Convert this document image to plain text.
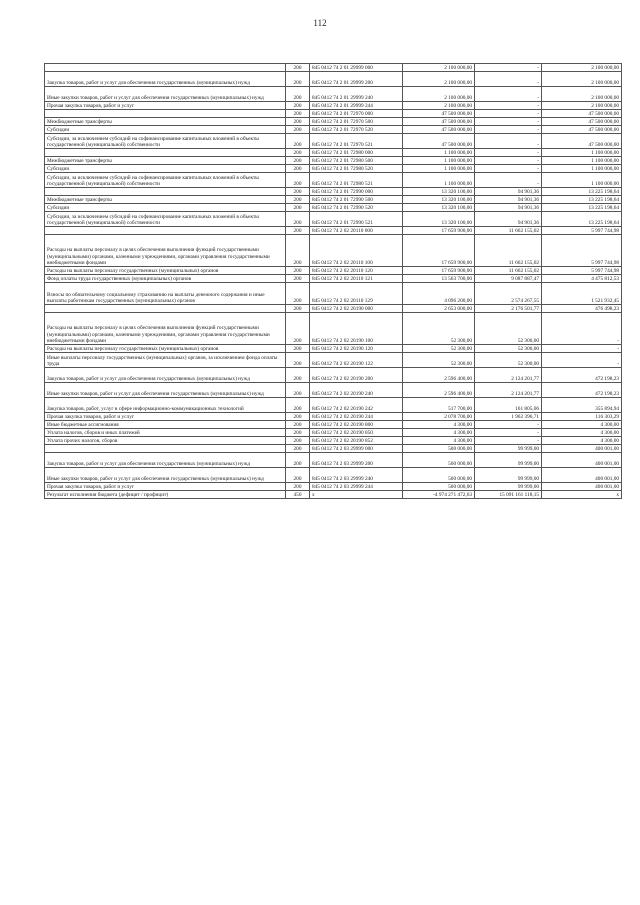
112
	200	845 0412 74 2 01 29999 000	2 100 000,00	-	2 100 000,00
Закупка товаров, работ и услуг для обеспечения государственных (муниципальных) нужд	200	845 0412 74 2 01 29999 200	2 100 000,00	-	2 100 000,00
Иные закупки товаров, работ и услуг для обеспечения государственных (муниципальных) нужд	200	845 0412 74 2 01 29999 240	2 100 000,00	-	2 100 000,00
Прочая закупка товаров, работ и услуг	200	845 0412 74 2 01 29999 244	2 100 000,00	-	2 100 000,00
	200	845 0412 74 2 01 72970 000	47 500 000,00	-	47 500 000,00
Межбюджетные трансферты	200	845 0412 74 2 01 72970 500	47 500 000,00	-	47 500 000,00
Субсидии	200	845 0412 74 2 01 72970 520	47 500 000,00	-	47 500 000,00
Субсидии, за исключением субсидий на софинансирование капитальных вложений в объекты государственной (муниципальной) собственности	200	845 0412 74 2 01 72970 521	47 500 000,00	-	47 500 000,00
	200	845 0412 74 2 01 72980 000	1 100 000,00	-	1 100 000,00
Межбюджетные трансферты	200	845 0412 74 2 01 72980 500	1 100 000,00	-	1 100 000,00
Субсидии	200	845 0412 74 2 01 72980 520	1 100 000,00	-	1 100 000,00
Субсидии, за исключением субсидий на софинансирование капитальных вложений в объекты государственной (муниципальной) собственности	200	845 0412 74 2 01 72980 521	1 100 000,00	-	1 100 000,00
	200	845 0412 74 2 01 72990 000	13 320 100,00	94 901,36	13 225 198,64
Межбюджетные трансферты	200	845 0412 74 2 01 72990 500	13 320 100,00	94 901,36	13 225 198,64
Субсидии	200	845 0412 74 2 01 72990 520	13 320 100,00	94 901,36	13 225 198,64
Субсидии, за исключением субсидий на софинансирование капитальных вложений в объекты государственной (муниципальной) собственности	200	845 0412 74 2 01 72990 521	13 320 100,00	94 901,36	13 225 198,64
	200	845 0412 74 2 02 20110 000	17 659 900,00	11 662 155,02	5 997 744,98
Расходы на выплаты персоналу в целях обеспечения выполнения функций государственными (муниципальными) органами, казенными учреждениями, органами управления государственными внебюджетными фондами	200	845 0412 74 2 02 20110 100	17 659 900,00	11 662 155,02	5 997 744,98
Расходы на выплаты персоналу государственных (муниципальных) органов	200	845 0412 74 2 02 20110 120	17 659 900,00	11 662 155,02	5 997 744,98
Фонд оплаты труда государственных (муниципальных) органов	200	845 0412 74 2 02 20110 121	13 563 700,00	9 087 887,47	4 475 812,53
Взносы по обязательному социальному страхованию на выплаты денежного содержания и иные выплаты работникам государственных (муниципальных) органов	200	845 0412 74 2 02 20110 129	4 096 200,00	2 574 267,55	1 521 932,45
	200	845 0412 74 2 02 20190 000	2 653 000,00	2 176 501,77	476 498,23
Расходы на выплаты персоналу в целях обеспечения выполнения функций государственными (муниципальными) органами, казенными учреждениями, органами управления государственными внебюджетными фондами	200	845 0412 74 2 02 20190 100	52 300,00	52 300,00	-
Расходы на выплаты персоналу государственных (муниципальных) органов	200	845 0412 74 2 02 20190 120	52 300,00	52 300,00	-
Иные выплаты персоналу государственных (муниципальных) органов, за исключением фонда оплаты труда	200	845 0412 74 2 02 20190 122	52 300,00	52 300,00	-
Закупка товаров, работ и услуг для обеспечения государственных (муниципальных) нужд	200	845 0412 74 2 02 20190 200	2 596 400,00	2 124 201,77	472 198,23
Иные закупки товаров, работ и услуг для обеспечения государственных (муниципальных) нужд	200	845 0412 74 2 02 20190 240	2 596 400,00	2 124 201,77	472 198,23
Закупка товаров, работ, услуг в сфере информационно-коммуникационных технологий	200	845 0412 74 2 02 20190 242	517 700,00	161 805,06	355 894,94
Прочая закупка товаров, работ и услуг	200	845 0412 74 2 02 20190 244	2 078 700,00	1 962 396,71	116 303,29
Иные бюджетные ассигнования	200	845 0412 74 2 02 20190 800	4 300,00	-	4 300,00
Уплата налогов, сборов и иных платежей	200	845 0412 74 2 02 20190 850	4 300,00	-	4 300,00
Уплата прочих налогов, сборов	200	845 0412 74 2 02 20190 852	4 300,00	-	4 300,00
	200	845 0412 74 2 03 29999 000	500 000,00	99 999,00	400 001,00
Закупка товаров, работ и услуг для обеспечения государственных (муниципальных) нужд	200	845 0412 74 2 03 29999 200	500 000,00	99 999,00	400 001,00
Иные закупки товаров, работ и услуг для обеспечения государственных (муниципальных) нужд	200	845 0412 74 2 03 29999 240	500 000,00	99 999,00	400 001,00
Прочая закупка товаров, работ и услуг	200	845 0412 74 2 03 29999 244	500 000,00	99 999,00	400 001,00
Результат исполнения бюджета (дефицит / профицит)	450	x	-4 974 271 472,63	15 091 161 118,15	x
